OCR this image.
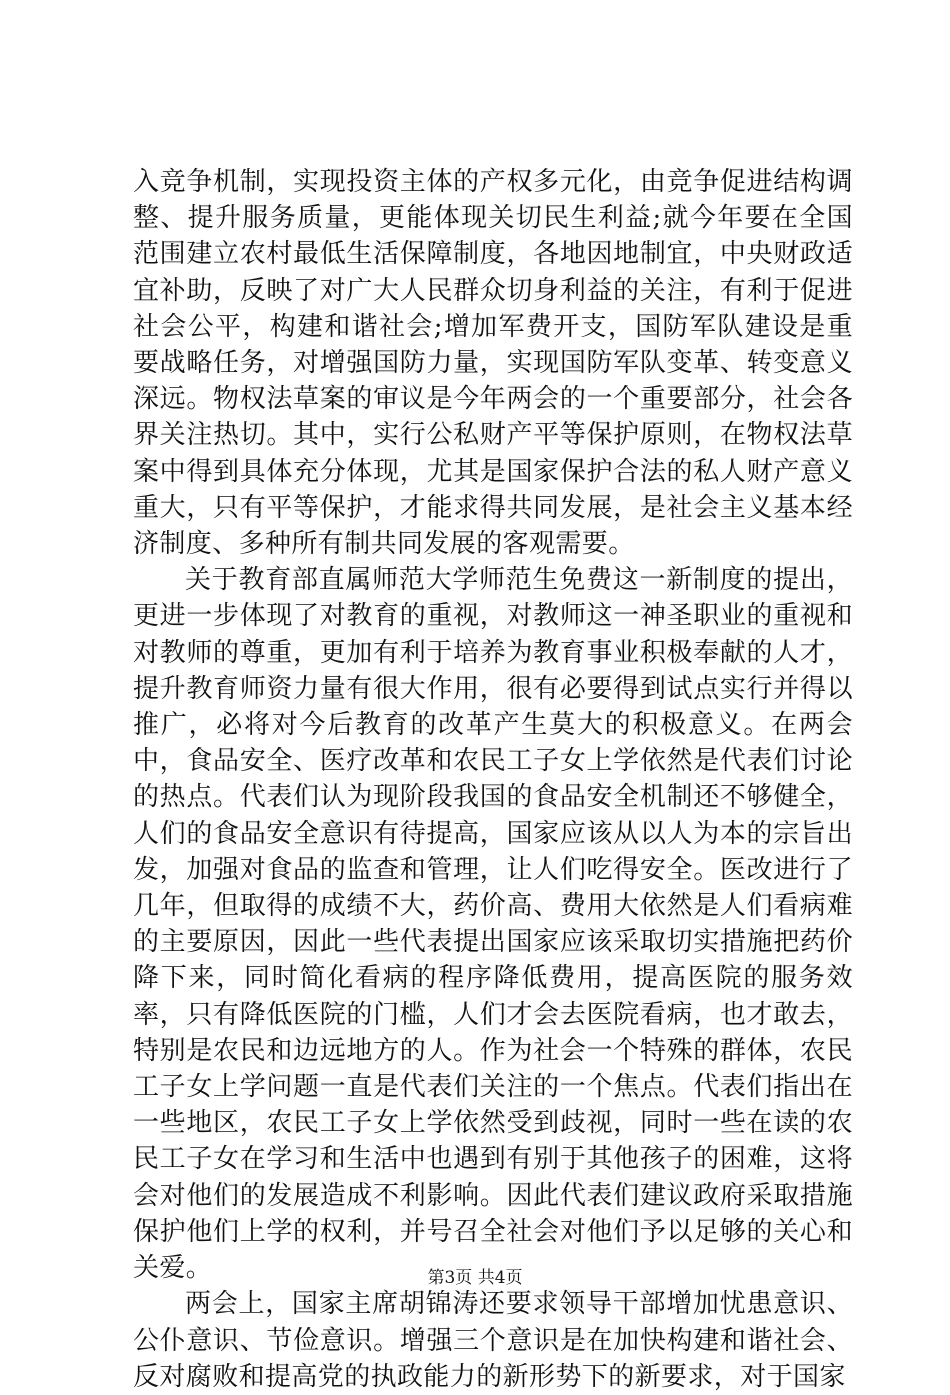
入竞争机制，实现投资主体的产权多元化，由竞争促进结构调整、提升服务质量，更能体现关切民生利益;就今年要在全国范围建立农村最低生活保障制度，各地因地制宜，中央财政适宜补助，反映了对广大人民群众切身利益的关注，有利于促进社会公平，构建和谐社会;增加军费开支，国防军队建设是重要战略任务，对增强国防力量，实现国防军队变革、转变意义深远。物权法草案的审议是今年两会的一个重要部分，社会各界关注热切。其中，实行公私财产平等保护原则，在物权法草案中得到具体充分体现，尤其是国家保护合法的私人财产意义重大，只有平等保护，才能求得共同发展，是社会主义基本经济制度、多种所有制共同发展的客观需要。

关于教育部直属师范大学师范生免费这一新制度的提出，更进一步体现了对教育的重视，对教师这一神圣职业的重视和对教师的尊重，更加有利于培养为教育事业积极奉献的人才，提升教育师资力量有很大作用，很有必要得到试点实行并得以推广，必将对今后教育的改革产生莫大的积极意义。在两会中，食品安全、医疗改革和农民工子女上学依然是代表们讨论的热点。代表们认为现阶段我国的食品安全机制还不够健全，人们的食品安全意识有待提高，国家应该从以人为本的宗旨出发，加强对食品的监查和管理，让人们吃得安全。医改进行了几年，但取得的成绩不大，药价高、费用大依然是人们看病难的主要原因，因此一些代表提出国家应该采取切实措施把药价降下来，同时简化看病的程序降低费用，提高医院的服务效率，只有降低医院的门槛，人们才会去医院看病，也才敢去，特别是农民和边远地方的人。作为社会一个特殊的群体，农民工子女上学问题一直是代表们关注的一个焦点。代表们指出在一些地区，农民工子女上学依然受到歧视，同时一些在读的农民工子女在学习和生活中也遇到有别于其他孩子的困难，这将会对他们的发展造成不利影响。因此代表们建议政府采取措施保护他们上学的权利，并号召全社会对他们予以足够的关心和关爱。

两会上，国家主席胡锦涛还要求领导干部增加忧患意识、公仆意识、节俭意识。增强三个意识是在加快构建和谐社会、反对腐败和提高党的执政能力的新形势下的新要求，对于国家

第3页 共4页
